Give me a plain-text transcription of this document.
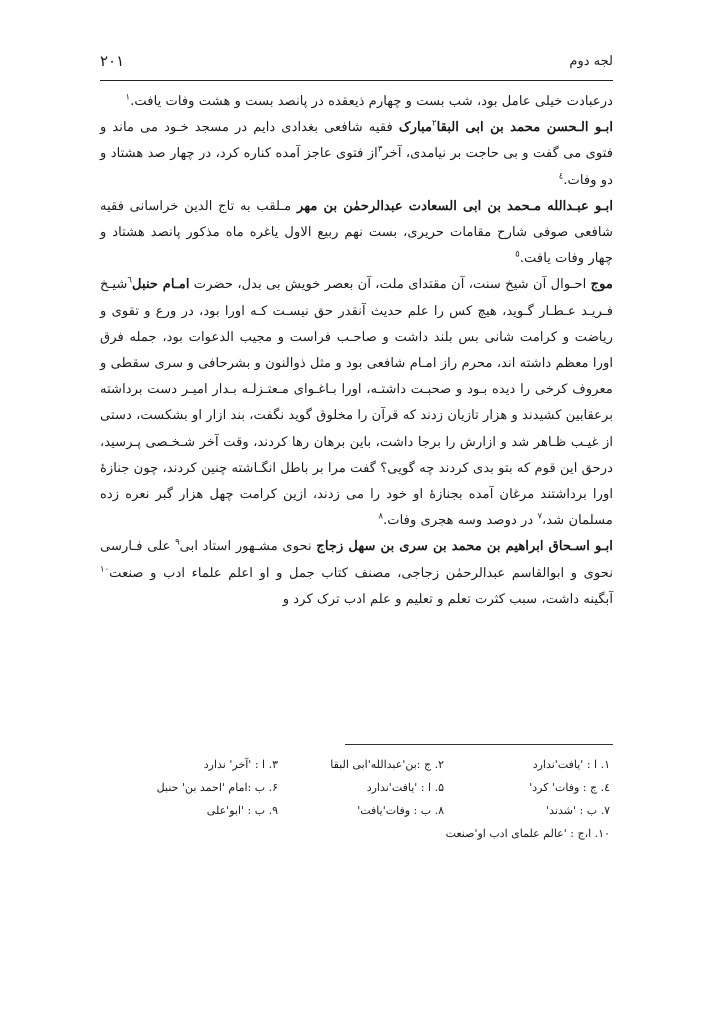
لجه دوم
۲۰۱

درعبادت خیلی عامل بود، شب بست و چهارم ذیعقده در پانصد بست و هشت وفات یافت.$^۱$

ابـو الـحسن محمد بن ابی البقا$^۲$مبارک فقیه شافعی بغدادی دایم در مسجد خـود می ماند و فتوی می گفت و بی حاجت بر نیامدی، آخر$^۳$از فتوی عاجز آمده کناره کرد، در چهار صد هشتاد و دو وفات.$^٤$

ابـو عبـدالله مـحمد بن ابی السعادت عبدالرحمٰن بن مهر مـلقب به تاج الدین خراسانی فقیه شافعی صوفی شارح مقامات حریری، بست نهم ربیع الاول یاغره ماه مذکور پانصد هشتاد و چهار وفات یافت.$^٥$

موج احـوال آن شیخ سنت، آن مقتدای ملت، آن بعصر خویش بی بدل، حضرت امـام حنبل$^٦$شیـخ فـریـد عـطـار گـوید، هیچ کس را علم حدیث آنقدر حق نیسـت کـه اورا بود، در ورع و تقوی و ریاضت و کرامت شانی بس بلند داشت و صاحـب فراست و مجیب الدعوات بود، جمله فرق اورا معظم داشته اند، محرم راز امـام شافعی بود و مثل ذوالنون و بشرحافی و سری سقطی و معروف کرخی را دیده بـود و صحبـت داشتـه، اورا بـاغـوای مـعتـزلـه بـدار امیـر دست برداشته برعقابین کشیدند و هزار تازیان زدند که قرآن را مخلوق گوید نگفت، بند ازار او بشکست، دستی از غیـب ظـاهر شد و ازارش را برجا داشت، باین برهان رها کردند، وقت آخر شـخـصی پـرسید، درحق این قوم که بتو بدی کردند چه گویی؟ گفت مرا بر باطل انگـاشته چنین کردند، چون جنازهٔ اورا برداشتند مرغان آمده بجنازهٔ او خود را می زدند، ازین کرامت چهل هزار گبر نعره زده مسلمان شد،$^۷$ در دوصد وسه هجری وفات.$^۸$

ابـو اسـحاق ابراهیم بن محمد بن سری بن سهل زجاج نحوی مشـهور استاد ابی$^۹$ علی فـارسی نحوی و ابوالقاسم عبدالرحمٰن زجاجی، مصنف کتاب جمل و او اعلم علماء ادب و صنعت$^{۱۰}$ آبگینه داشت، سبب کثرت تعلم و تعلیم و علم ادب ترک کرد و

۱. ا : 'یافت'ندارد
۲. ج :بن'عبدالله'ابی البقا
۳. ا : 'آخر' ندارد
٤. ج : وفات' کرد'
۵. ا : 'یافت'ندارد
۶. ب :امام 'احمد بن' حنبل
۷. ب : 'شدند'
۸. ب : وفات'یافت'
۹. ب : 'ابو'علی
۱۰. ا،ج : 'عالم علمای ادب او'صنعت
